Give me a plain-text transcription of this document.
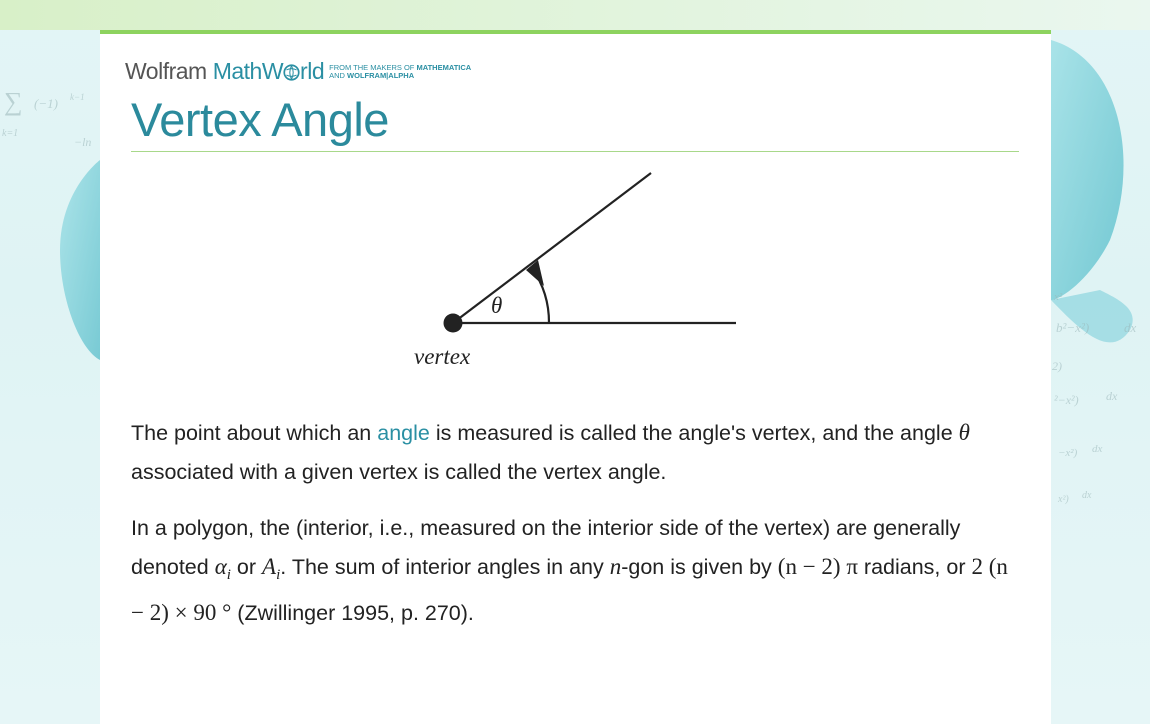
∑ (−1) k−1
k=1
−ln
b²−x²)	dx
2)
²−x²) dx
−x²) dx
x²
x²) dx
Wolfram MathW rld FROM THE MAKERS OF MATHEMATICA
AND WOLFRAM|ALPHA
Vertex Angle
θ
vertex

The point about which an angle is measured is called the angle's vertex, and the angle θ associated with a given vertex is called the vertex angle.

In a polygon, the (interior, i.e., measured on the interior side of the vertex) are generally denoted $\alpha_i$ or $A_i$. The sum of interior angles in any n-gon is given by (n − 2) π radians, or 2 (n − 2) × 90 ° (Zwillinger 1995, p. 270).
